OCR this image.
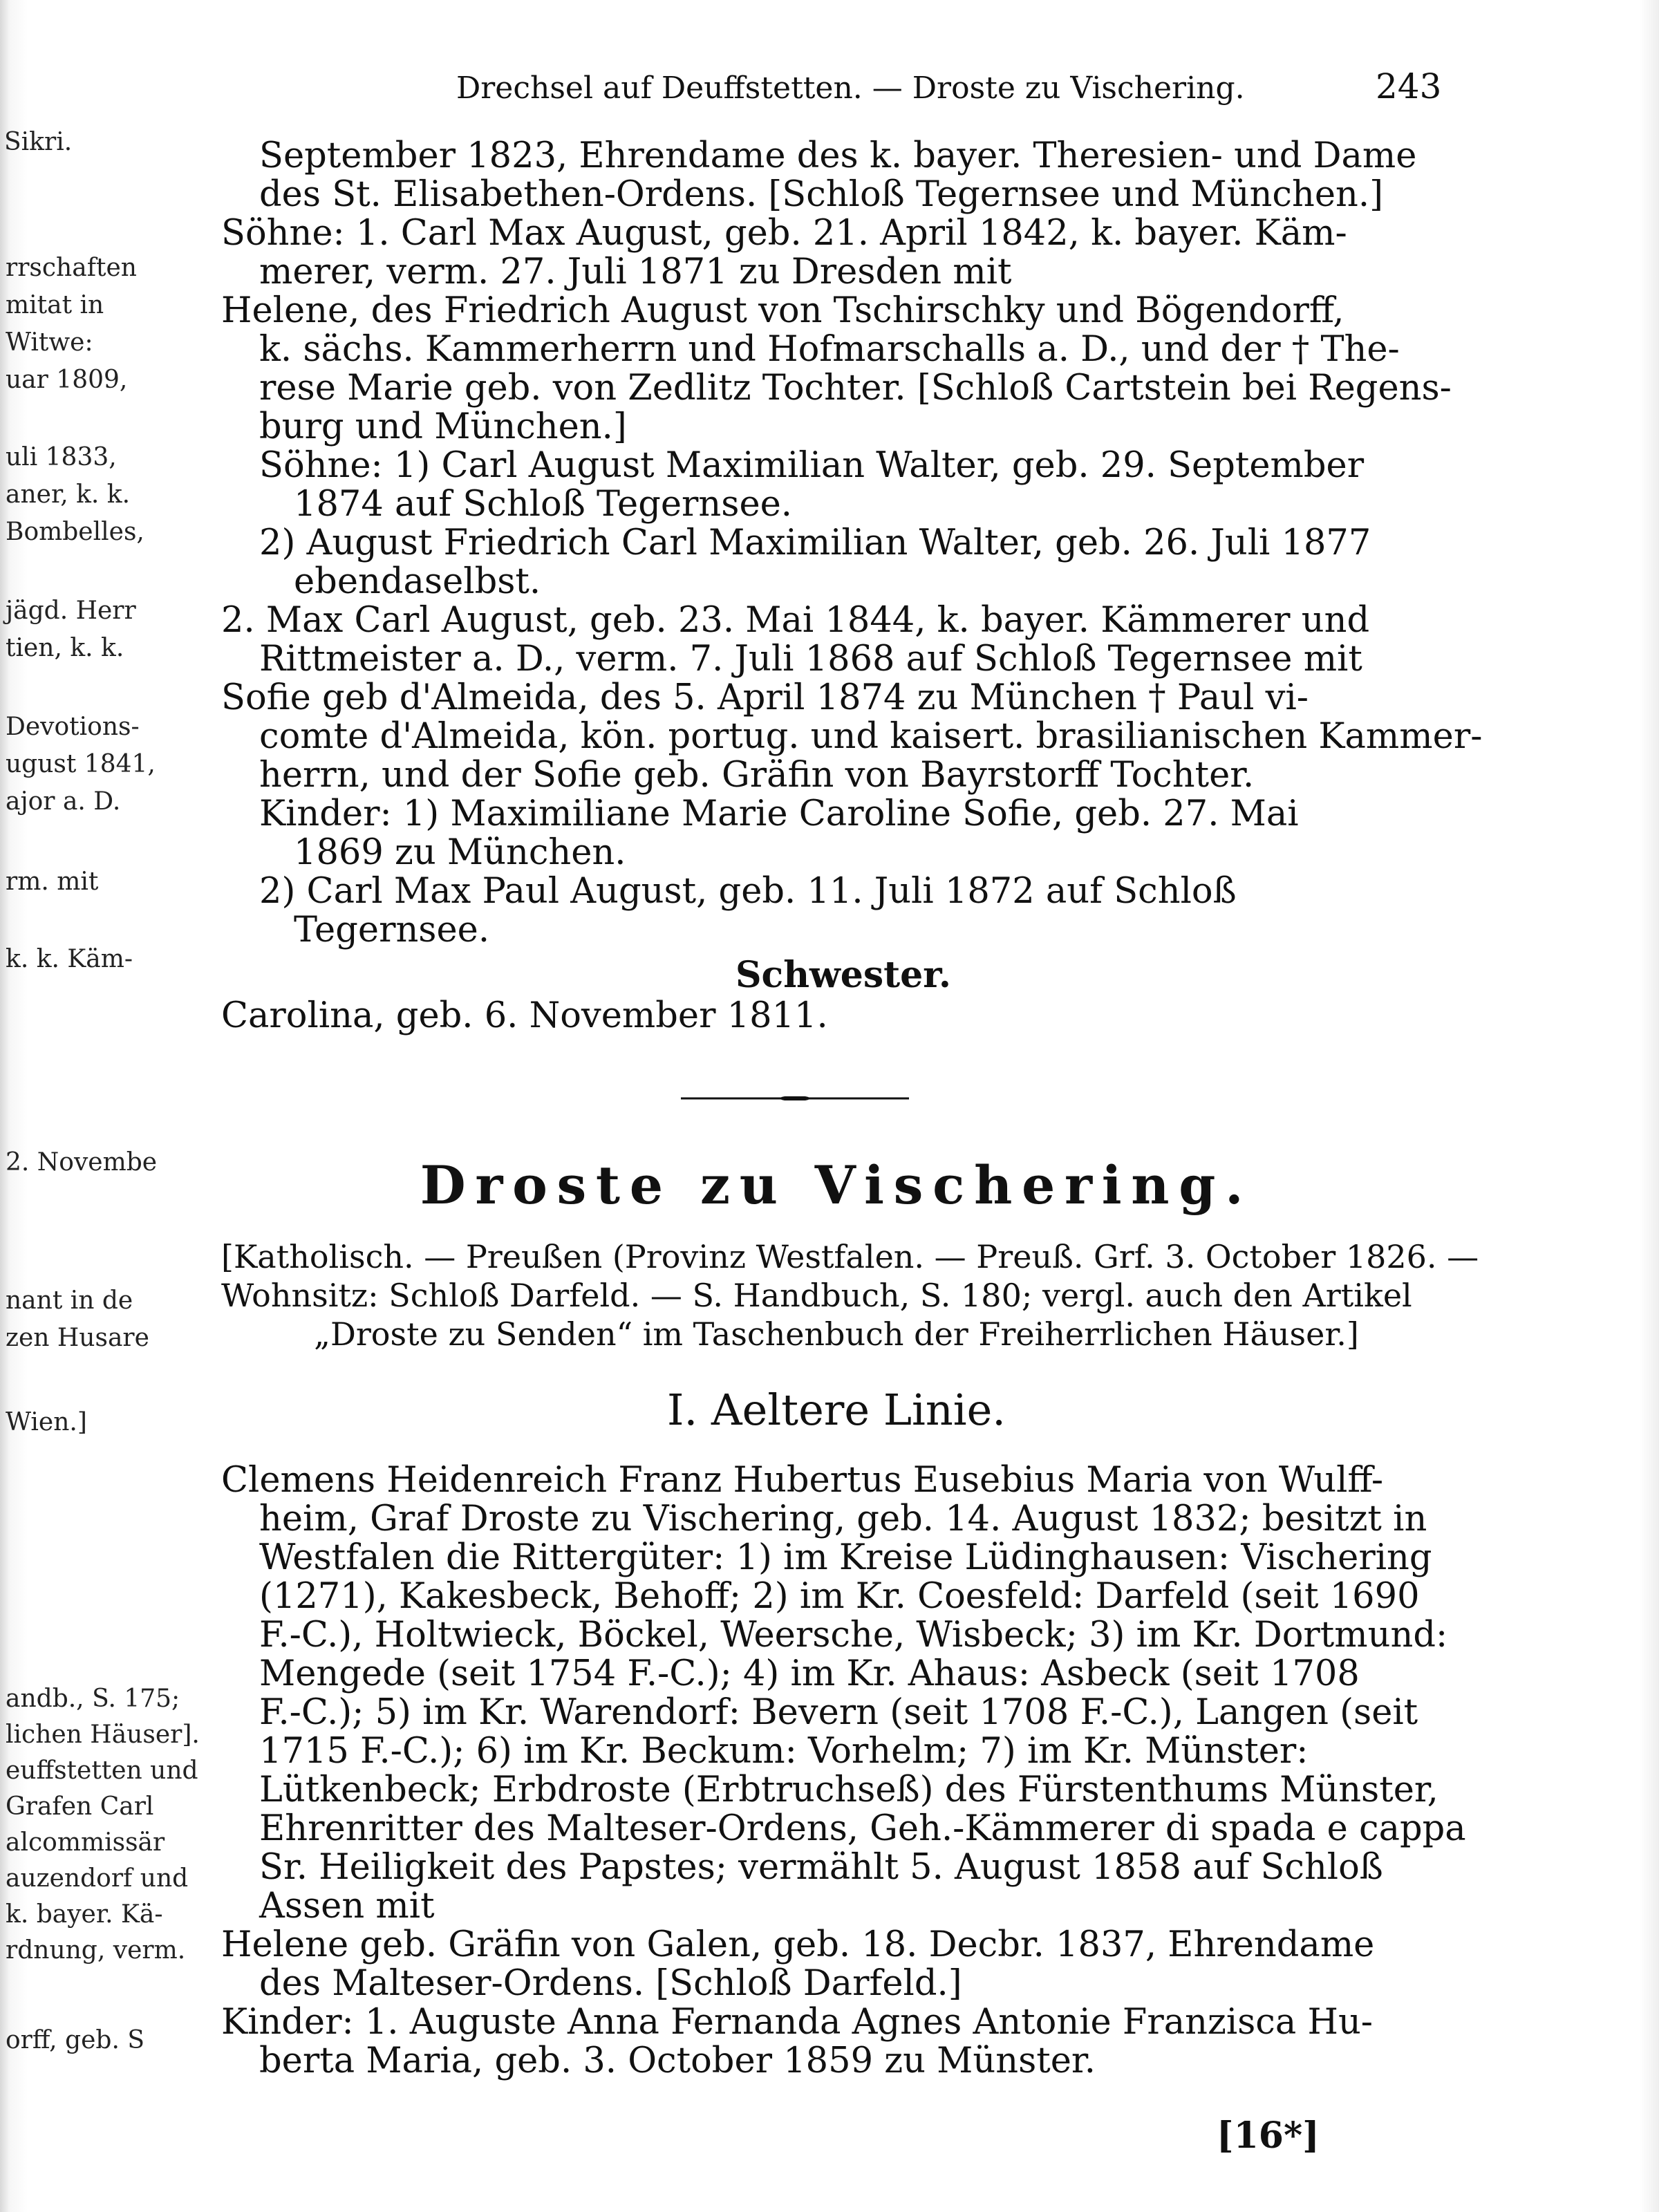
Sikri.
rrschaften
mitat in
Witwe:
uar 1809,
uli 1833,
aner, k. k.
Bombelles,
jägd. Herr
tien, k. k.
Devotions-
ugust 1841,
ajor a. D.
rm. mit
k. k. Käm-
2. Novembe
nant in de
zen Husare
Wien.]
andb., S. 175;
lichen Häuser].
euffstetten und
Grafen Carl
alcommissär
auzendorf und
k. bayer. Kä-
rdnung, verm.
orff, geb. S
Drechsel auf Deuffstetten. — Droste zu Vischering.	243
September 1823, Ehrendame des k. bayer. Theresien- und Dame
des St. Elisabethen-Ordens. [Schloß Tegernsee und München.]
Söhne: 1. Carl Max August, geb. 21. April 1842, k. bayer. Käm-
merer, verm. 27. Juli 1871 zu Dresden mit
Helene, des Friedrich August von Tschirschky und Bögendorff,
k. sächs. Kammerherrn und Hofmarschalls a. D., und der † The-
rese Marie geb. von Zedlitz Tochter. [Schloß Cartstein bei Regens-
burg und München.]
Söhne: 1) Carl August Maximilian Walter, geb. 29. September
1874 auf Schloß Tegernsee.
2) August Friedrich Carl Maximilian Walter, geb. 26. Juli 1877
ebendaselbst.
2. Max Carl August, geb. 23. Mai 1844, k. bayer. Kämmerer und
Rittmeister a. D., verm. 7. Juli 1868 auf Schloß Tegernsee mit
Sofie geb d'Almeida, des 5. April 1874 zu München † Paul vi-
comte d'Almeida, kön. portug. und kaisert. brasilianischen Kammer-
herrn, und der Sofie geb. Gräfin von Bayrstorff Tochter.
Kinder: 1) Maximiliane Marie Caroline Sofie, geb. 27. Mai
1869 zu München.
2) Carl Max Paul August, geb. 11. Juli 1872 auf Schloß
Tegernsee.
Schwester.
Carolina, geb. 6. November 1811.
Droste zu Vischering.
[Katholisch. — Preußen (Provinz Westfalen. — Preuß. Grf. 3. October 1826. —
Wohnsitz: Schloß Darfeld. — S. Handbuch, S. 180; vergl. auch den Artikel
„Droste zu Senden“ im Taschenbuch der Freiherrlichen Häuser.]
I. Aeltere Linie.
Clemens Heidenreich Franz Hubertus Eusebius Maria von Wulff-
heim, Graf Droste zu Vischering, geb. 14. August 1832; besitzt in
Westfalen die Rittergüter: 1) im Kreise Lüdinghausen: Vischering
(1271), Kakesbeck, Behoff; 2) im Kr. Coesfeld: Darfeld (seit 1690
F.-C.), Holtwieck, Böckel, Weersche, Wisbeck; 3) im Kr. Dortmund:
Mengede (seit 1754 F.-C.); 4) im Kr. Ahaus: Asbeck (seit 1708
F.-C.); 5) im Kr. Warendorf: Bevern (seit 1708 F.-C.), Langen (seit
1715 F.-C.); 6) im Kr. Beckum: Vorhelm; 7) im Kr. Münster:
Lütkenbeck; Erbdroste (Erbtruchseß) des Fürstenthums Münster,
Ehrenritter des Malteser-Ordens, Geh.-Kämmerer di spada e cappa
Sr. Heiligkeit des Papstes; vermählt 5. August 1858 auf Schloß
Assen mit
Helene geb. Gräfin von Galen, geb. 18. Decbr. 1837, Ehrendame
des Malteser-Ordens. [Schloß Darfeld.]
Kinder: 1. Auguste Anna Fernanda Agnes Antonie Franzisca Hu-
berta Maria, geb. 3. October 1859 zu Münster.
[16*]
